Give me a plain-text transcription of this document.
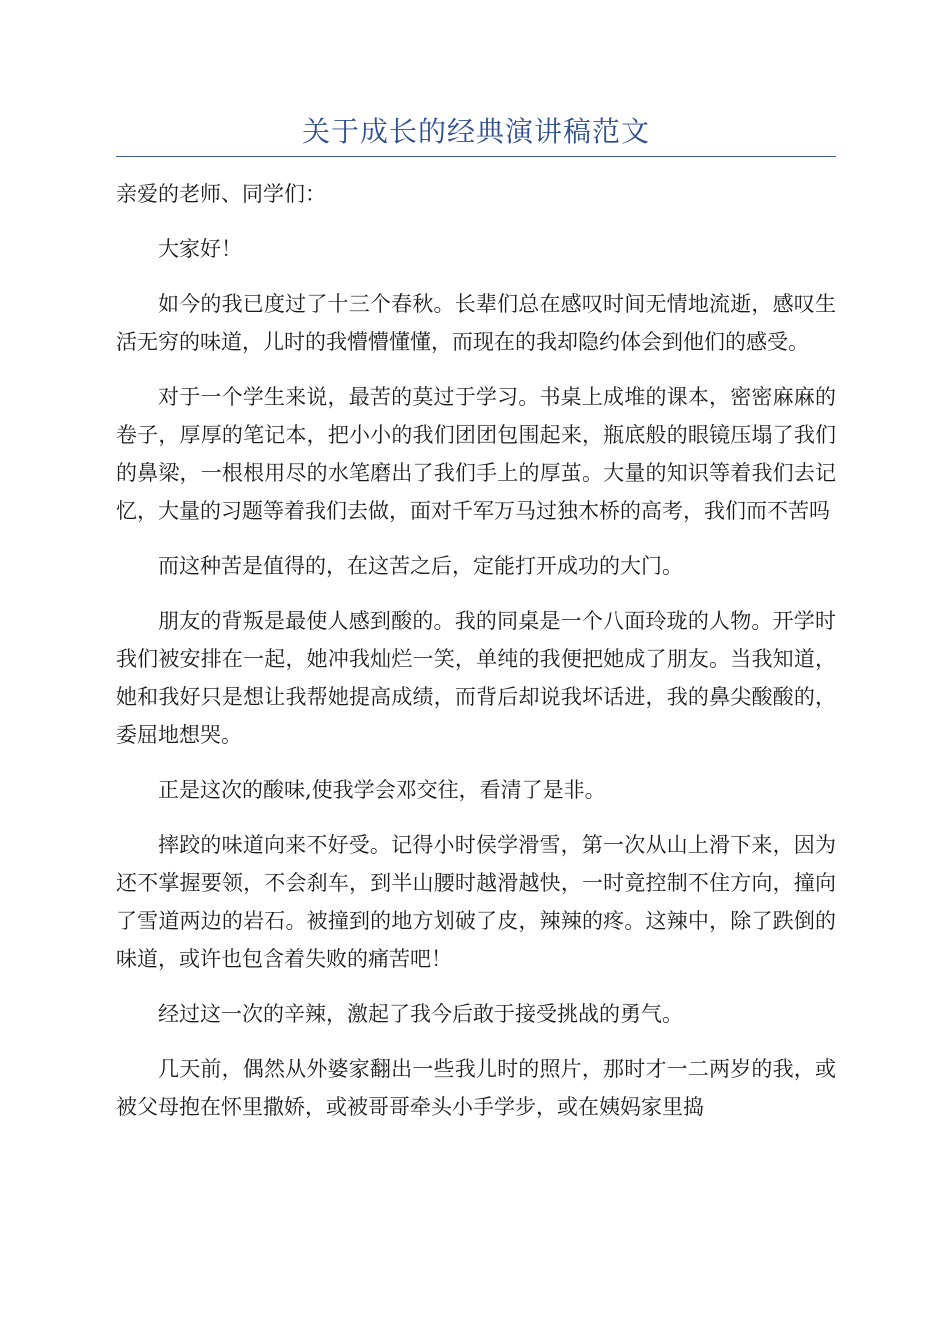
关于成长的经典演讲稿范文

亲爱的老师、同学们：

大家好！

如今的我已度过了十三个春秋。长辈们总在感叹时间无情地流逝，感叹生活无穷的味道，儿时的我懵懵懂懂，而现在的我却隐约体会到他们的感受。

对于一个学生来说，最苦的莫过于学习。书桌上成堆的课本，密密麻麻的卷子，厚厚的笔记本，把小小的我们团团包围起来，瓶底般的眼镜压塌了我们的鼻梁，一根根用尽的水笔磨出了我们手上的厚茧。大量的知识等着我们去记忆，大量的习题等着我们去做，面对千军万马过独木桥的高考，我们而不苦吗

而这种苦是值得的，在这苦之后，定能打开成功的大门。

朋友的背叛是最使人感到酸的。我的同桌是一个八面玲珑的人物。开学时我们被安排在一起，她冲我灿烂一笑，单纯的我便把她成了朋友。当我知道，她和我好只是想让我帮她提高成绩，而背后却说我坏话进，我的鼻尖酸酸的，委屈地想哭。

正是这次的酸味,使我学会邓交往，看清了是非。

摔跤的味道向来不好受。记得小时侯学滑雪，第一次从山上滑下来，因为还不掌握要领，不会刹车，到半山腰时越滑越快，一时竟控制不住方向，撞向了雪道两边的岩石。被撞到的地方划破了皮，辣辣的疼。这辣中，除了跌倒的味道，或许也包含着失败的痛苦吧！

经过这一次的辛辣，激起了我今后敢于接受挑战的勇气。

几天前，偶然从外婆家翻出一些我儿时的照片，那时才一二两岁的我，或被父母抱在怀里撒娇，或被哥哥牵头小手学步，或在姨妈家里捣
